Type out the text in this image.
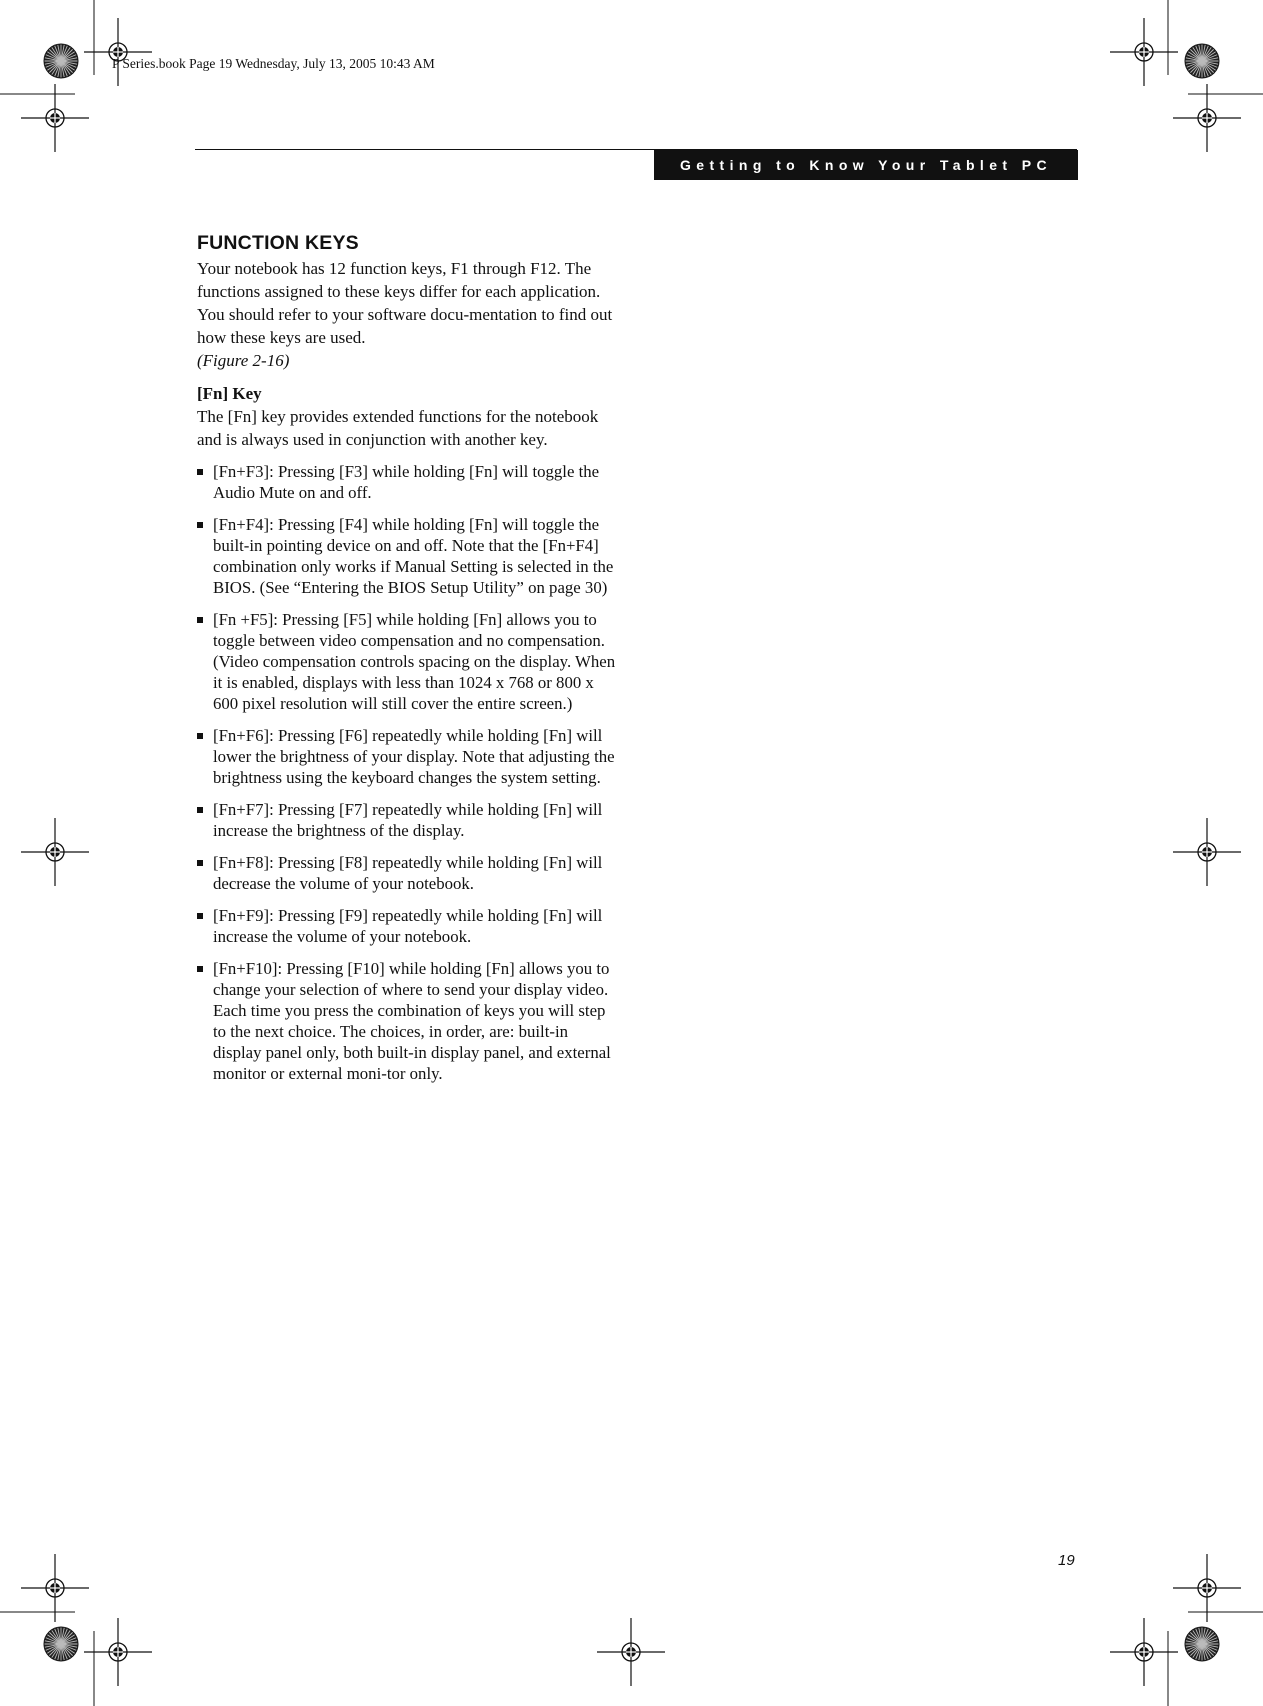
P Series.book Page 19 Wednesday, July 13, 2005 10:43 AM
Getting to Know Your Tablet PC
FUNCTION KEYS

Your notebook has 12 function keys, F1 through F12. The functions assigned to these keys differ for each application. You should refer to your software docu-mentation to find out how these keys are used.
(Figure 2-16)

[Fn] Key

The [Fn] key provides extended functions for the notebook and is always used in conjunction with another key.

[Fn+F3]: Pressing [F3] while holding [Fn] will toggle the Audio Mute on and off.
[Fn+F4]: Pressing [F4] while holding [Fn] will toggle the built-in pointing device on and off. Note that the [Fn+F4] combination only works if Manual Setting is selected in the BIOS. (See “Entering the BIOS Setup Utility” on page 30)
[Fn +F5]: Pressing [F5] while holding [Fn] allows you to toggle between video compensation and no compensation. (Video compensation controls spacing on the display. When it is enabled, displays with less than 1024 x 768 or 800 x 600 pixel resolution will still cover the entire screen.)
[Fn+F6]: Pressing [F6] repeatedly while holding [Fn] will lower the brightness of your display. Note that adjusting the brightness using the keyboard changes the system setting.
[Fn+F7]: Pressing [F7] repeatedly while holding [Fn] will increase the brightness of the display.
[Fn+F8]: Pressing [F8] repeatedly while holding [Fn] will decrease the volume of your notebook.
[Fn+F9]: Pressing [F9] repeatedly while holding [Fn] will increase the volume of your notebook.
[Fn+F10]: Pressing [F10] while holding [Fn] allows you to change your selection of where to send your display video. Each time you press the combination of keys you will step to the next choice. The choices, in order, are: built-in display panel only, both built-in display panel, and external monitor or external moni-tor only.
19
